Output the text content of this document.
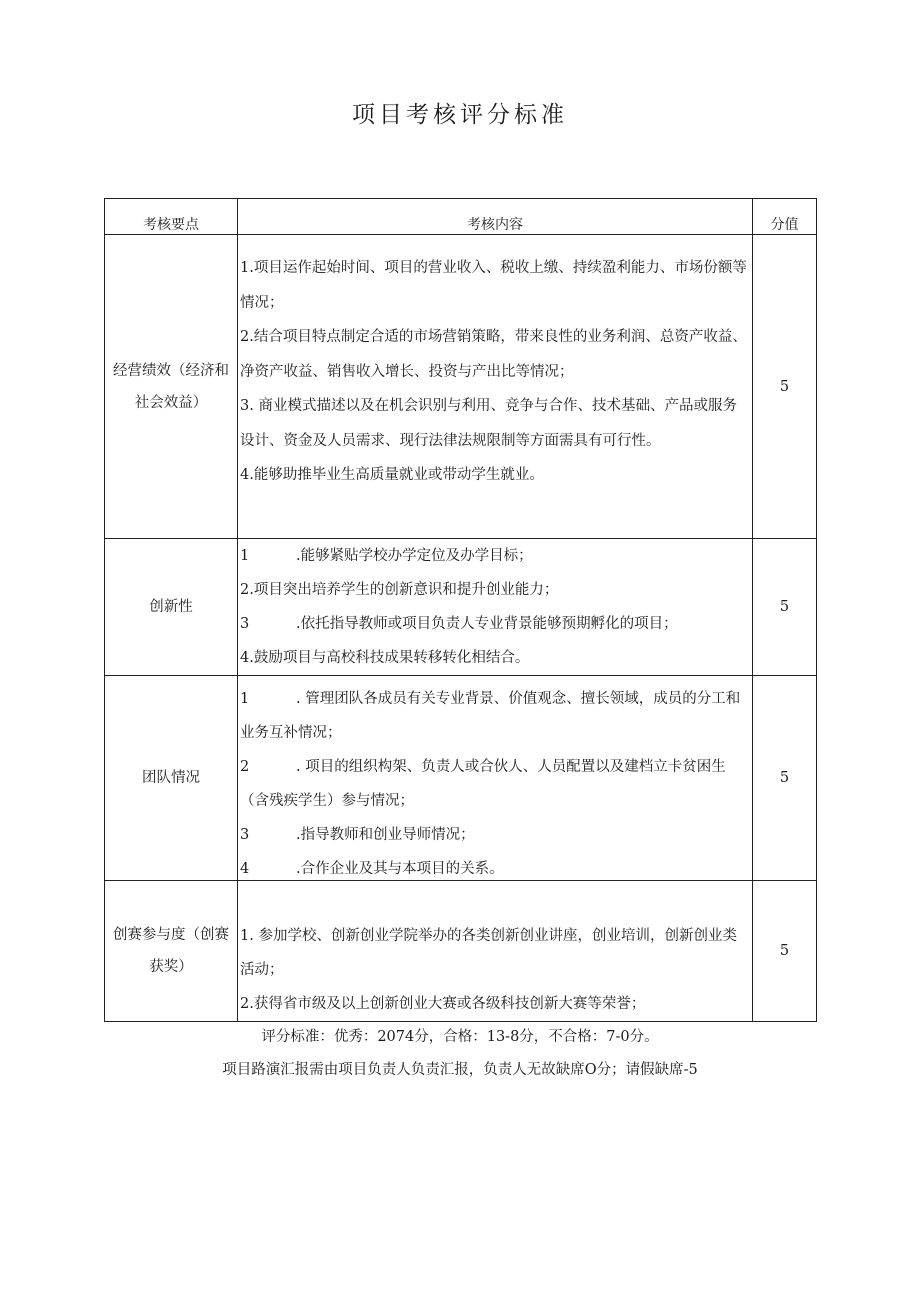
项目考核评分标准
考核要点	考核内容	分值
经营绩效（经济和社会效益）	1.项目运作起始时间、项目的营业收入、税收上缴、持续盈利能力、市场份额等情况；
2.结合项目特点制定合适的市场营销策略，带来良性的业务利润、总资产收益、净资产收益、销售收入增长、投资与产出比等情况；
3. 商业模式描述以及在机会识别与利用、竞争与合作、技术基础、产品或服务设计、资金及人员需求、现行法律法规限制等方面需具有可行性。
4.能够助推毕业生高质量就业或带动学生就业。	5
创新性	1 .能够紧贴学校办学定位及办学目标；
2.项目突出培养学生的创新意识和提升创业能力；
3 .依托指导教师或项目负责人专业背景能够预期孵化的项目；
4.鼓励项目与高校科技成果转移转化相结合。	5
团队情况	1 . 管理团队各成员有关专业背景、价值观念、擅长领域，成员的分工和业务互补情况；
2 . 项目的组织构架、负责人或合伙人、人员配置以及建档立卡贫困生（含残疾学生）参与情况；
3 .指导教师和创业导师情况；
4 .合作企业及其与本项目的关系。	5
创赛参与度（创赛获奖）	1. 参加学校、创新创业学院举办的各类创新创业讲座，创业培训，创新创业类活动；
2.获得省市级及以上创新创业大赛或各级科技创新大赛等荣誉；	5
评分标准：优秀：2074分，合格：13-8分，不合格：7-0分。
项目路演汇报需由项目负责人负责汇报，负责人无故缺席O分；请假缺席-5
